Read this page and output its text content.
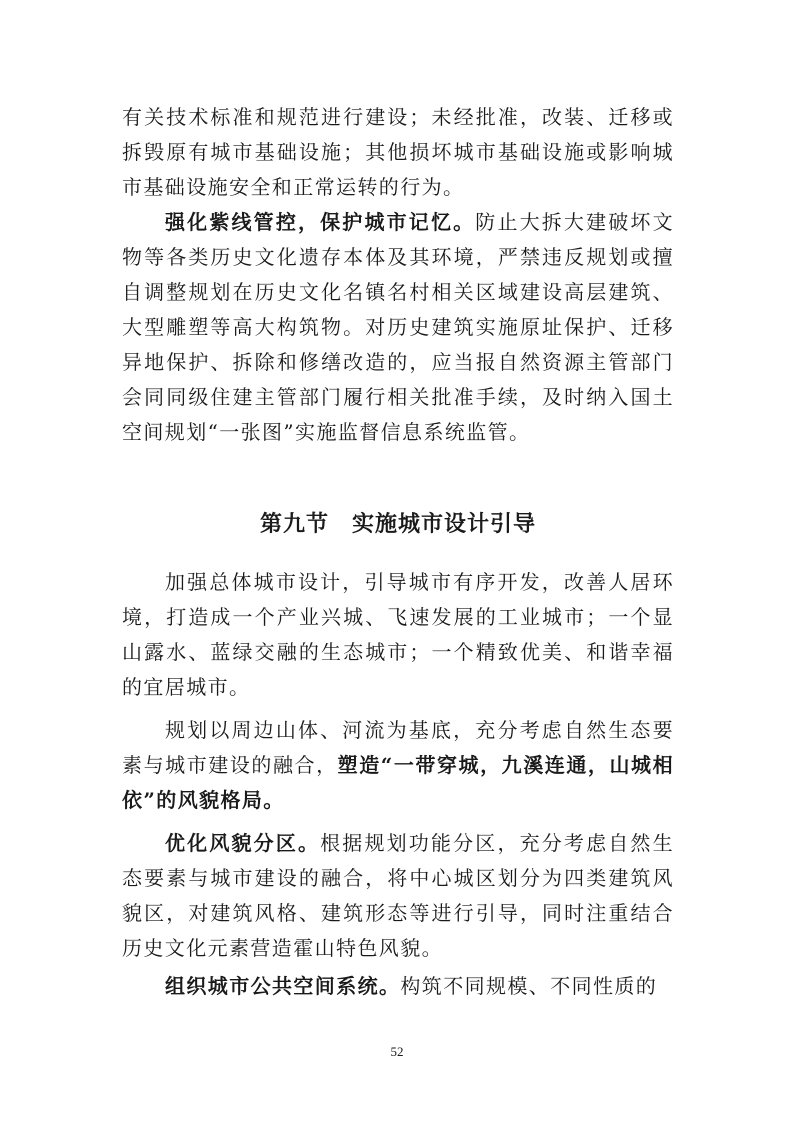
有关技术标准和规范进行建设；未经批准，改装、迁移或拆毁原有城市基础设施；其他损坏城市基础设施或影响城市基础设施安全和正常运转的行为。

强化紫线管控，保护城市记忆。防止大拆大建破坏文物等各类历史文化遗存本体及其环境，严禁违反规划或擅自调整规划在历史文化名镇名村相关区域建设高层建筑、大型雕塑等高大构筑物。对历史建筑实施原址保护、迁移异地保护、拆除和修缮改造的，应当报自然资源主管部门会同同级住建主管部门履行相关批准手续，及时纳入国土空间规划“一张图”实施监督信息系统监管。

第九节　实施城市设计引导

加强总体城市设计，引导城市有序开发，改善人居环境，打造成一个产业兴城、飞速发展的工业城市；一个显山露水、蓝绿交融的生态城市；一个精致优美、和谐幸福的宜居城市。

规划以周边山体、河流为基底，充分考虑自然生态要素与城市建设的融合，塑造“一带穿城，九溪连通，山城相依”的风貌格局。

优化风貌分区。根据规划功能分区，充分考虑自然生态要素与城市建设的融合，将中心城区划分为四类建筑风貌区，对建筑风格、建筑形态等进行引导，同时注重结合历史文化元素营造霍山特色风貌。

组织城市公共空间系统。构筑不同规模、不同性质的

52
